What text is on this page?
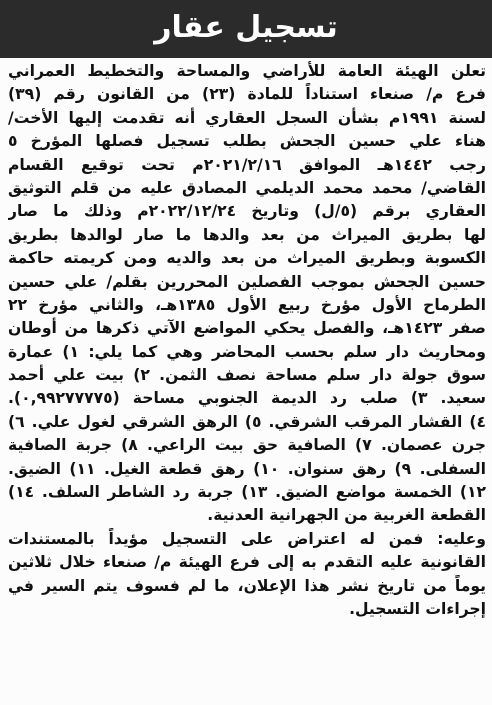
تسجيل عقار
تعلن الهيئة العامة للأراضي والمساحة والتخطيط العمراني
فرع م/ صنعاء استناداً للمادة (٢٣) من القانون رقم (٣٩)
لسنة ١٩٩١م بشأن السجل العقاري أنه تقدمت إليها الأخت/
هناء علي حسين الجحش بطلب تسجيل فصلها المؤرخ ٥
رجب ١٤٤٢هـ الموافق ٢٠٢١/٢/١٦م تحت توقيع القسام
القاضي/ محمد محمد الديلمي المصادق عليه من قلم التوثيق
العقاري برقم (٥/ل) وتاريخ ٢٠٢٢/١٢/٢٤م وذلك ما صار
لها بطريق الميراث من بعد والدها ما صار لوالدها بطريق
الكسوبة وبطريق الميراث من بعد والديه ومن كريمته حاكمة
حسين الجحش بموجب الفصلين المحررين بقلم/ علي حسين
الطرماح الأول مؤرخ ربيع الأول ١٣٨٥هـ، والثاني مؤرخ ٢٢
صفر ١٤٢٣هـ، والفصل يحكي المواضع الآتي ذكرها من أوطان
ومحاريث دار سلم بحسب المحاضر وهي كما يلي: ١) عمارة
سوق جولة دار سلم مساحة نصف الثمن. ٢) بيت علي أحمد
سعيد. ٣) صلب رد الديمة الجنوبي مساحة (٠,٩٩٢٧٧٧٧٥).
٤) القشار المرقب الشرقي. ٥) الرهق الشرقي لغول علي. ٦)
جرن عصمان. ٧) الصافية حق بيت الراعي. ٨) جربة الصافية
السفلى. ٩) رهق سنوان. ١٠) رهق قطعة الغيل. ١١) الضيق.
١٢) الخمسة مواضع الضيق. ١٣) جربة رد الشاطر السلف. ١٤)
القطعة الغربية من الجهرانية العدنية.
وعليه: فمن له اعتراض على التسجيل مؤيداً بالمستندات
القانونية عليه التقدم به إلى فرع الهيئة م/ صنعاء خلال ثلاثين
يوماً من تاريخ نشر هذا الإعلان، ما لم فسوف يتم السير في
إجراءات التسجيل.
